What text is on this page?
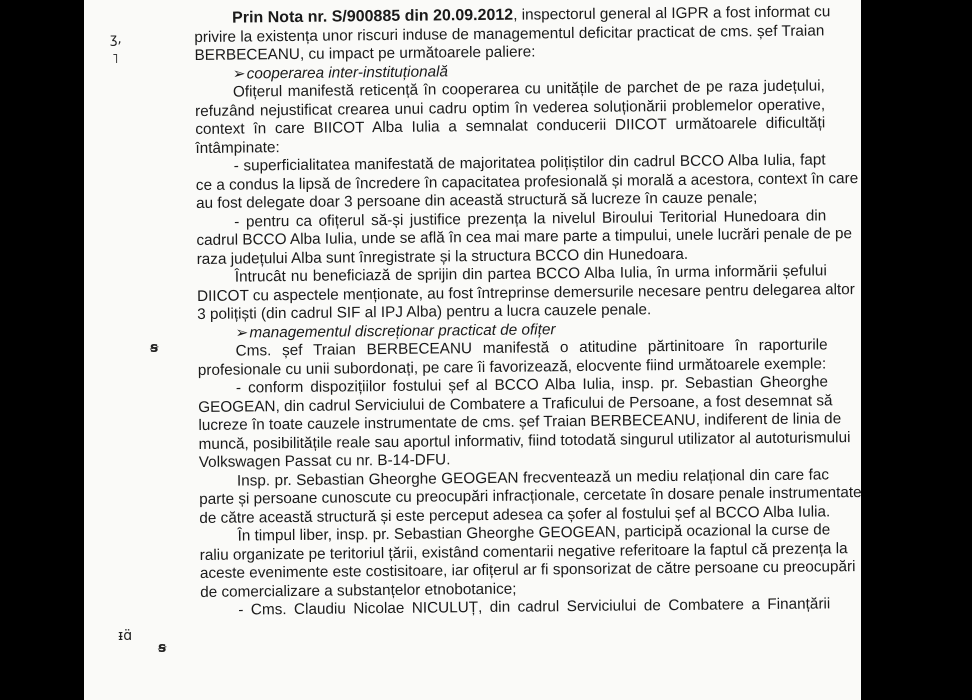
ʒ,
˥
ꞩ
ᵻɑ̈
ꞩ
Prin Nota nr. S/900885 din 20.09.2012, inspectorul general al IGPR a fost informat cu
privire la existența unor riscuri induse de managementul deficitar practicat de cms. șef Traian
BERBECEANU, cu impact pe următoarele paliere:
➢cooperarea inter-instituțională
Ofițerul manifestă reticență în cooperarea cu unitățile de parchet de pe raza județului,
refuzând nejustificat crearea unui cadru optim în vederea soluționării problemelor operative,
context în care BIICOT Alba Iulia a semnalat conducerii DIICOT următoarele dificultăți
întâmpinate:
- superficialitatea manifestată de majoritatea polițiștilor din cadrul BCCO Alba Iulia, fapt
ce a condus la lipsă de încredere în capacitatea profesională și morală a acestora, context în care
au fost delegate doar 3 persoane din această structură să lucreze în cauze penale;
- pentru ca ofițerul să-și justifice prezența la nivelul Biroului Teritorial Hunedoara din
cadrul BCCO Alba Iulia, unde se află în cea mai mare parte a timpului, unele lucrări penale de pe
raza județului Alba sunt înregistrate și la structura BCCO din Hunedoara.
Întrucât nu beneficiază de sprijin din partea BCCO Alba Iulia, în urma informării șefului
DIICOT cu aspectele menționate, au fost întreprinse demersurile necesare pentru delegarea altor
3 polițiști (din cadrul SIF al IPJ Alba) pentru a lucra cauzele penale.
➢managementul discreționar practicat de ofițer
Cms. șef Traian BERBECEANU manifestă o atitudine părtinitoare în raporturile
profesionale cu unii subordonați, pe care îi favorizează, elocvente fiind următoarele exemple:
- conform dispozițiilor fostului șef al BCCO Alba Iulia, insp. pr. Sebastian Gheorghe
GEOGEAN, din cadrul Serviciului de Combatere a Traficului de Persoane, a fost desemnat să
lucreze în toate cauzele instrumentate de cms. șef Traian BERBECEANU, indiferent de linia de
muncă, posibilitățile reale sau aportul informativ, fiind totodată singurul utilizator al autoturismului
Volkswagen Passat cu nr. B-14-DFU.
Insp. pr. Sebastian Gheorghe GEOGEAN frecventează un mediu relațional din care fac
parte și persoane cunoscute cu preocupări infracționale, cercetate în dosare penale instrumentate
de către această structură și este perceput adesea ca șofer al fostului șef al BCCO Alba Iulia.
În timpul liber, insp. pr. Sebastian Gheorghe GEOGEAN, participă ocazional la curse de
raliu organizate pe teritoriul țării, existând comentarii negative referitoare la faptul că prezența la
aceste evenimente este costisitoare, iar ofițerul ar fi sponsorizat de către persoane cu preocupări
de comercializare a substanțelor etnobotanice;
- Cms. Claudiu Nicolae NICULUȚ, din cadrul Serviciului de Combatere a Finanțării
